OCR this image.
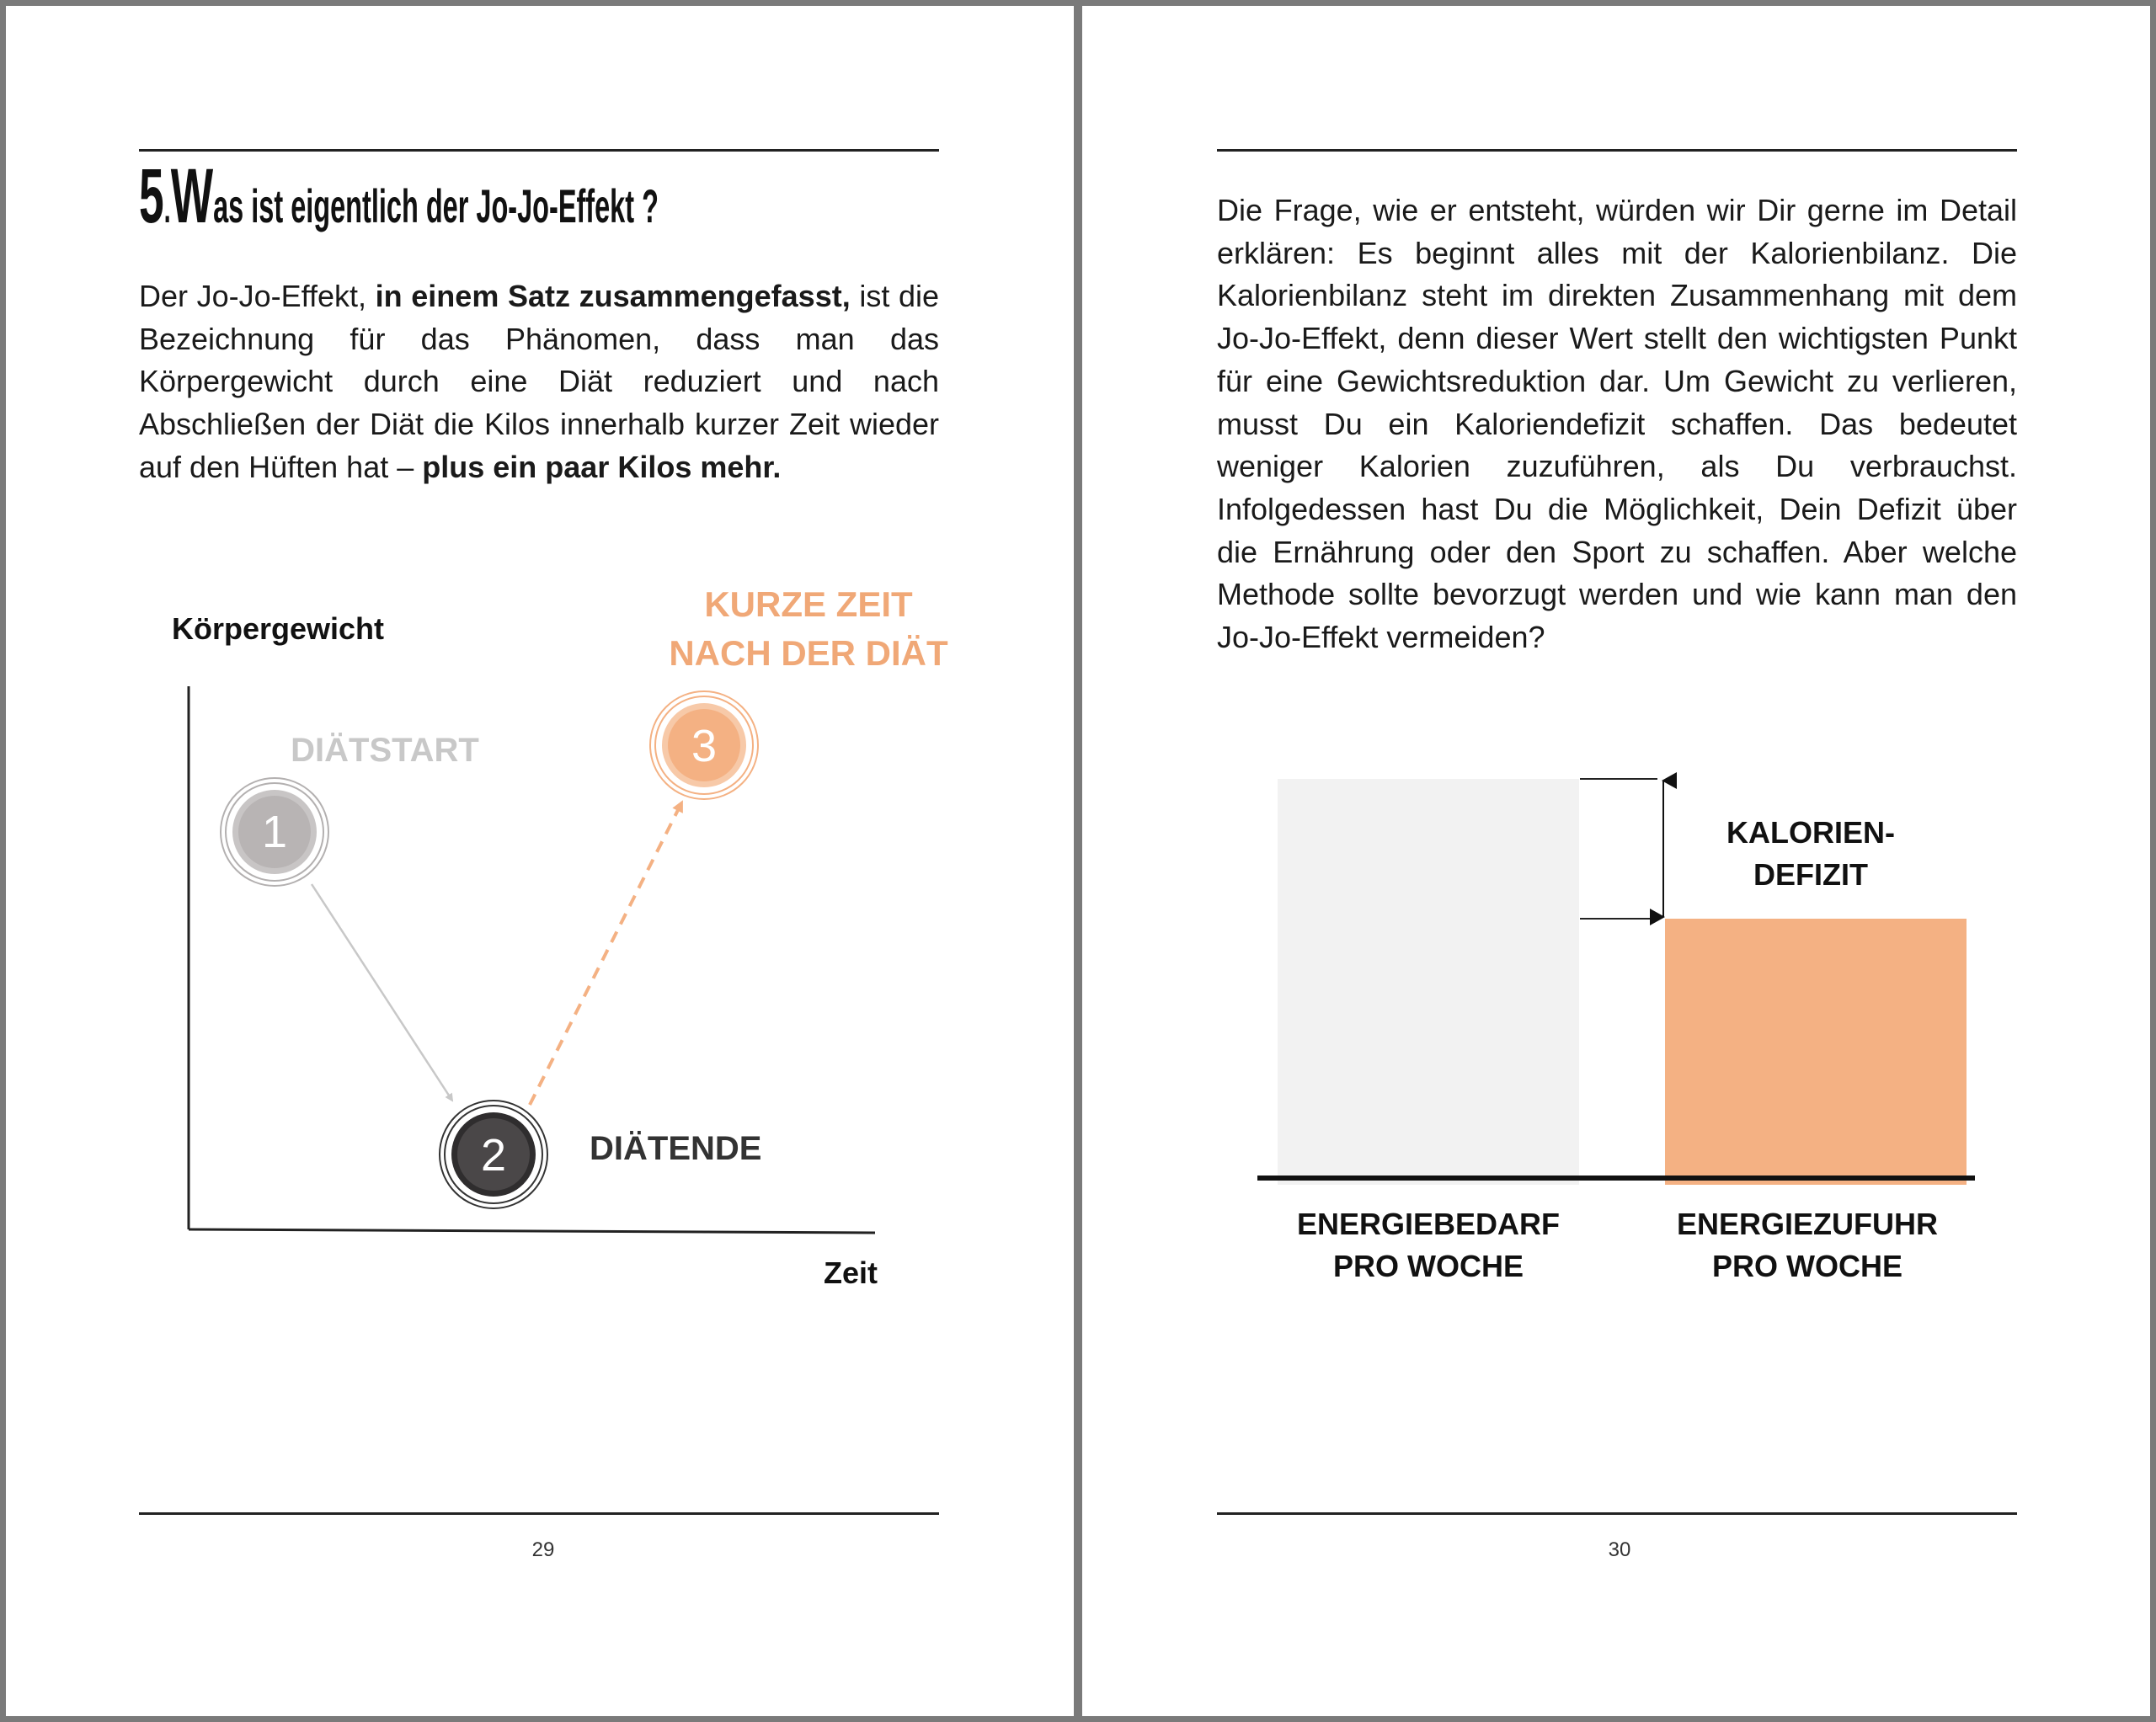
5.Was ist eigentlich der Jo-Jo-Effekt ?
Der Jo-Jo-Effekt, in einem Satz zusammengefasst, ist die Bezeichnung für das Phänomen, dass man das Körpergewicht durch eine Diät reduziert und nach Abschließen der Diät die Kilos innerhalb kurzer Zeit wieder auf den Hüften hat – plus ein paar Kilos mehr.
Körpergewicht
Zeit
1
DIÄTSTART
2 DIÄTENDE
3
KURZE ZEIT
NACH DER DIÄT
29
Die Frage, wie er entsteht, würden wir Dir gerne im Detail erklären: Es beginnt alles mit der Kalorienbilanz. Die Kalorienbilanz steht im direkten Zusammenhang mit dem Jo-Jo-Effekt, denn dieser Wert stellt den wichtigsten Punkt für eine Gewichtsreduktion dar. Um Gewicht zu verlieren, musst Du ein Kaloriendefizit schaffen. Das bedeutet weniger Kalorien zuzuführen, als Du verbrauchst. Infolgedessen hast Du die Möglichkeit, Dein Defizit über die Ernährung oder den Sport zu schaffen. Aber welche Methode sollte bevorzugt werden und wie kann man den Jo-Jo-Effekt vermeiden?
KALORIEN-
DEFIZIT
ENERGIEBEDARF
PRO WOCHE
ENERGIEZUFUHR
PRO WOCHE
30
